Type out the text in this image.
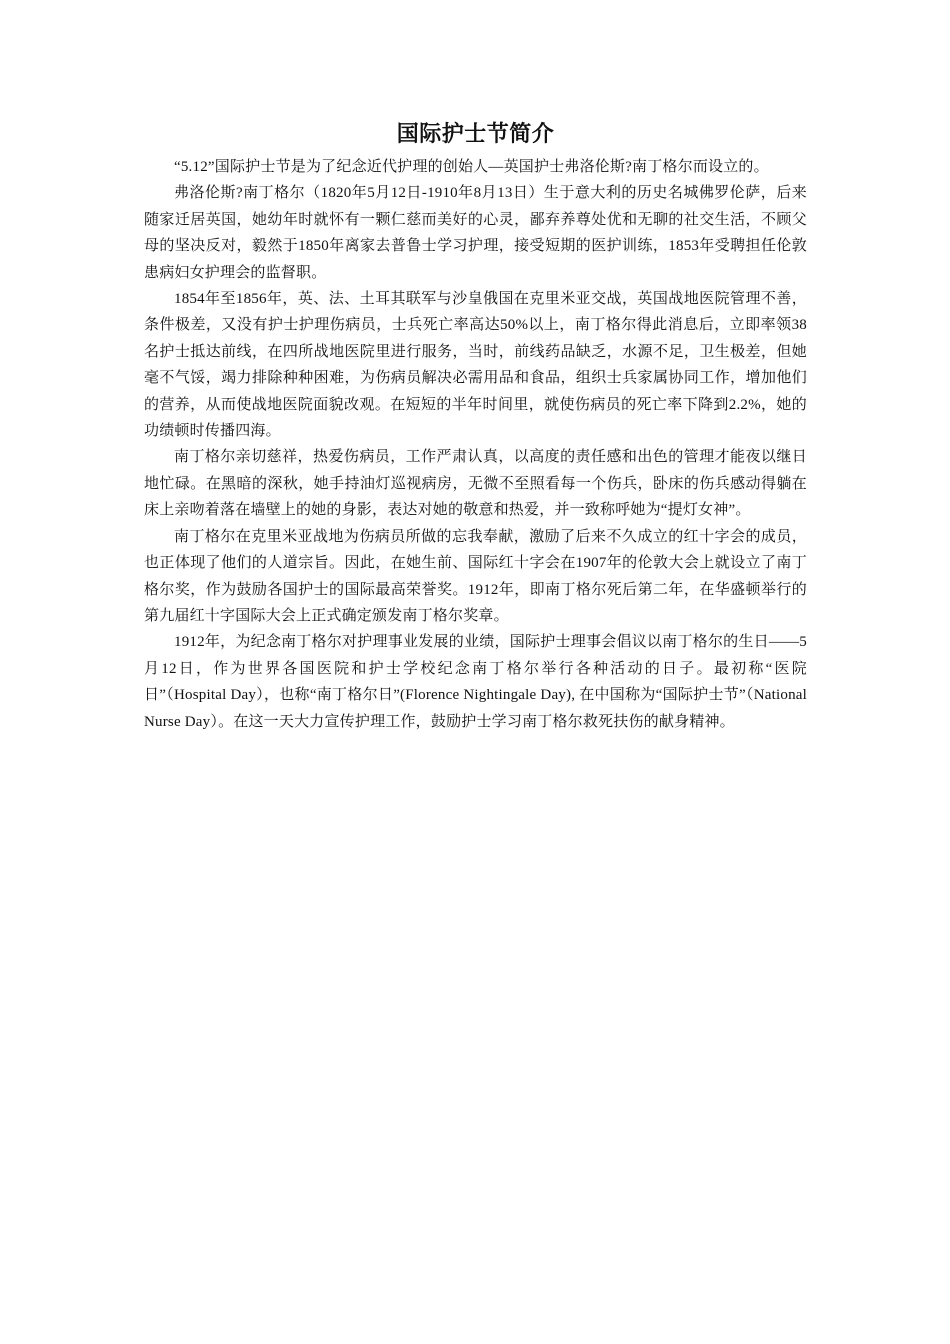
国际护士节简介

“5.12”国际护士节是为了纪念近代护理的创始人—英国护士弗洛伦斯?南丁格尔而设立的。

弗洛伦斯?南丁格尔（1820年5月12日-1910年8月13日）生于意大利的历史名城佛罗伦萨，后来随家迁居英国，她幼年时就怀有一颗仁慈而美好的心灵，鄙弃养尊处优和无聊的社交生活，不顾父母的坚决反对，毅然于1850年离家去普鲁士学习护理，接受短期的医护训练，1853年受聘担任伦敦患病妇女护理会的监督职。

1854年至1856年，英、法、土耳其联军与沙皇俄国在克里米亚交战，英国战地医院管理不善，条件极差，又没有护士护理伤病员，士兵死亡率高达50%以上，南丁格尔得此消息后，立即率领38名护士抵达前线，在四所战地医院里进行服务，当时，前线药品缺乏，水源不足，卫生极差，但她毫不气馁，竭力排除种种困难，为伤病员解决必需用品和食品，组织士兵家属协同工作，增加他们的营养，从而使战地医院面貌改观。在短短的半年时间里，就使伤病员的死亡率下降到2.2%，她的功绩顿时传播四海。

南丁格尔亲切慈祥，热爱伤病员，工作严肃认真，以高度的责任感和出色的管理才能夜以继日地忙碌。在黑暗的深秋，她手持油灯巡视病房，无微不至照看每一个伤兵，卧床的伤兵感动得躺在床上亲吻着落在墙壁上的她的身影，表达对她的敬意和热爱，并一致称呼她为“提灯女神”。

南丁格尔在克里米亚战地为伤病员所做的忘我奉献，激励了后来不久成立的红十字会的成员，也正体现了他们的人道宗旨。因此，在她生前、国际红十字会在1907年的伦敦大会上就设立了南丁格尔奖，作为鼓励各国护士的国际最高荣誉奖。1912年，即南丁格尔死后第二年，在华盛顿举行的第九届红十字国际大会上正式确定颁发南丁格尔奖章。

1912年，为纪念南丁格尔对护理事业发展的业绩，国际护士理事会倡议以南丁格尔的生日——5月12日，作为世界各国医院和护士学校纪念南丁格尔举行各种活动的日子。最初称“医院日”（Hospital Day），也称“南丁格尔日”(Florence Nightingale Day), 在中国称为“国际护士节”（National Nurse Day）。在这一天大力宣传护理工作，鼓励护士学习南丁格尔救死扶伤的献身精神。
